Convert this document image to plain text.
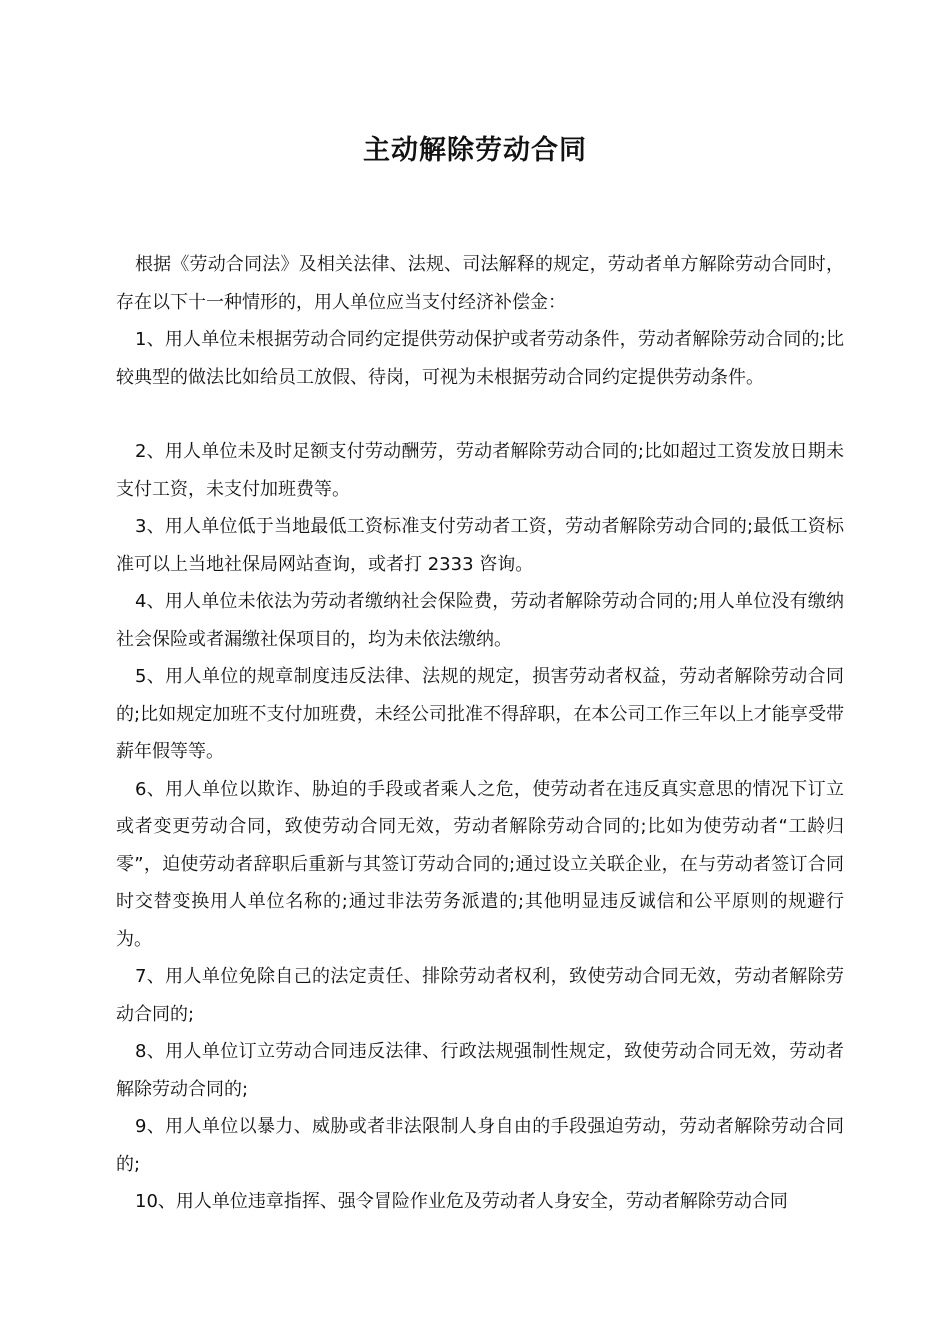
主动解除劳动合同

根据《劳动合同法》及相关法律、法规、司法解释的规定，劳动者单方解除劳动合同时，存在以下十一种情形的，用人单位应当支付经济补偿金：

1、用人单位未根据劳动合同约定提供劳动保护或者劳动条件，劳动者解除劳动合同的;比较典型的做法比如给员工放假、待岗，可视为未根据劳动合同约定提供劳动条件。

2、用人单位未及时足额支付劳动酬劳，劳动者解除劳动合同的;比如超过工资发放日期未支付工资，未支付加班费等。

3、用人单位低于当地最低工资标准支付劳动者工资，劳动者解除劳动合同的;最低工资标准可以上当地社保局网站查询，或者打 2333 咨询。

4、用人单位未依法为劳动者缴纳社会保险费，劳动者解除劳动合同的;用人单位没有缴纳社会保险或者漏缴社保项目的，均为未依法缴纳。

5、用人单位的规章制度违反法律、法规的规定，损害劳动者权益，劳动者解除劳动合同的;比如规定加班不支付加班费，未经公司批准不得辞职，在本公司工作三年以上才能享受带薪年假等等。

6、用人单位以欺诈、胁迫的手段或者乘人之危，使劳动者在违反真实意思的情况下订立或者变更劳动合同，致使劳动合同无效，劳动者解除劳动合同的;比如为使劳动者“工龄归零”，迫使劳动者辞职后重新与其签订劳动合同的;通过设立关联企业，在与劳动者签订合同时交替变换用人单位名称的;通过非法劳务派遣的;其他明显违反诚信和公平原则的规避行为。

7、用人单位免除自己的法定责任、排除劳动者权利，致使劳动合同无效，劳动者解除劳动合同的;

8、用人单位订立劳动合同违反法律、行政法规强制性规定，致使劳动合同无效，劳动者解除劳动合同的;

9、用人单位以暴力、威胁或者非法限制人身自由的手段强迫劳动，劳动者解除劳动合同的;

10、用人单位违章指挥、强令冒险作业危及劳动者人身安全，劳动者解除劳动合同
